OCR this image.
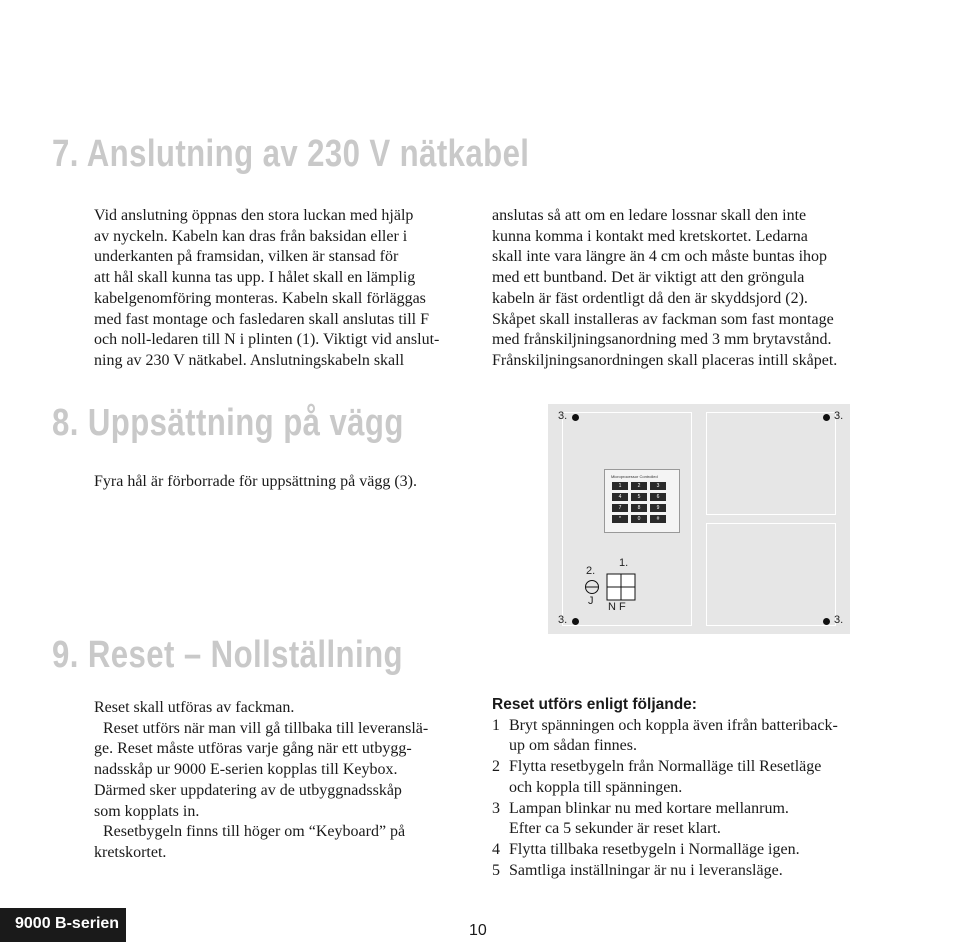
7. Anslutning av 230 V nätkabel
Vid anslutning öppnas den stora luckan med hjälp
av nyckeln. Kabeln kan dras från baksidan eller i
underkanten på framsidan, vilken är stansad för
att hål skall kunna tas upp. I hålet skall en lämplig
kabelgenomföring monteras. Kabeln skall förläggas
med fast montage och fasledaren skall anslutas till F
och noll-ledaren till N i plinten (1). Viktigt vid anslut-
ning av 230 V nätkabel. Anslutningskabeln skall
anslutas så att om en ledare lossnar skall den inte
kunna komma i kontakt med kretskortet. Ledarna
skall inte vara längre än 4 cm och måste buntas ihop
med ett buntband. Det är viktigt att den gröngula
kabeln är fäst ordentligt då den är skyddsjord (2).
Skåpet skall installeras av fackman som fast montage
med frånskiljningsanordning med 3 mm brytavstånd.
Frånskiljningsanordningen skall placeras intill skåpet.
8. Uppsättning på vägg
Fyra hål är förborrade för uppsättning på vägg (3).
3.	3.
3.	3.
Microprocessor Controlled
1	2	3
4	5	6
7	8	9
*	0	#
1.
2.
J N F
9. Reset – Nollställning
Reset skall utföras av fackman.
Reset utförs när man vill gå tillbaka till leveranslä-
ge. Reset måste utföras varje gång när ett utbygg-
nadsskåp ur 9000 E-serien kopplas till Keybox.
Därmed sker uppdatering av de utbyggnadsskåp
som kopplats in.
Resetbygeln finns till höger om “Keyboard” på
kretskortet.
Reset utförs enligt följande:
1 Bryt spänningen och koppla även ifrån batteriback-
up om sådan finnes.
2 Flytta resetbygeln från Normalläge till Resetläge
och koppla till spänningen.
3 Lampan blinkar nu med kortare mellanrum.
Efter ca 5 sekunder är reset klart.
4 Flytta tillbaka resetbygeln i Normalläge igen.
5 Samtliga inställningar är nu i leveransläge.
9000 B-serien	10
